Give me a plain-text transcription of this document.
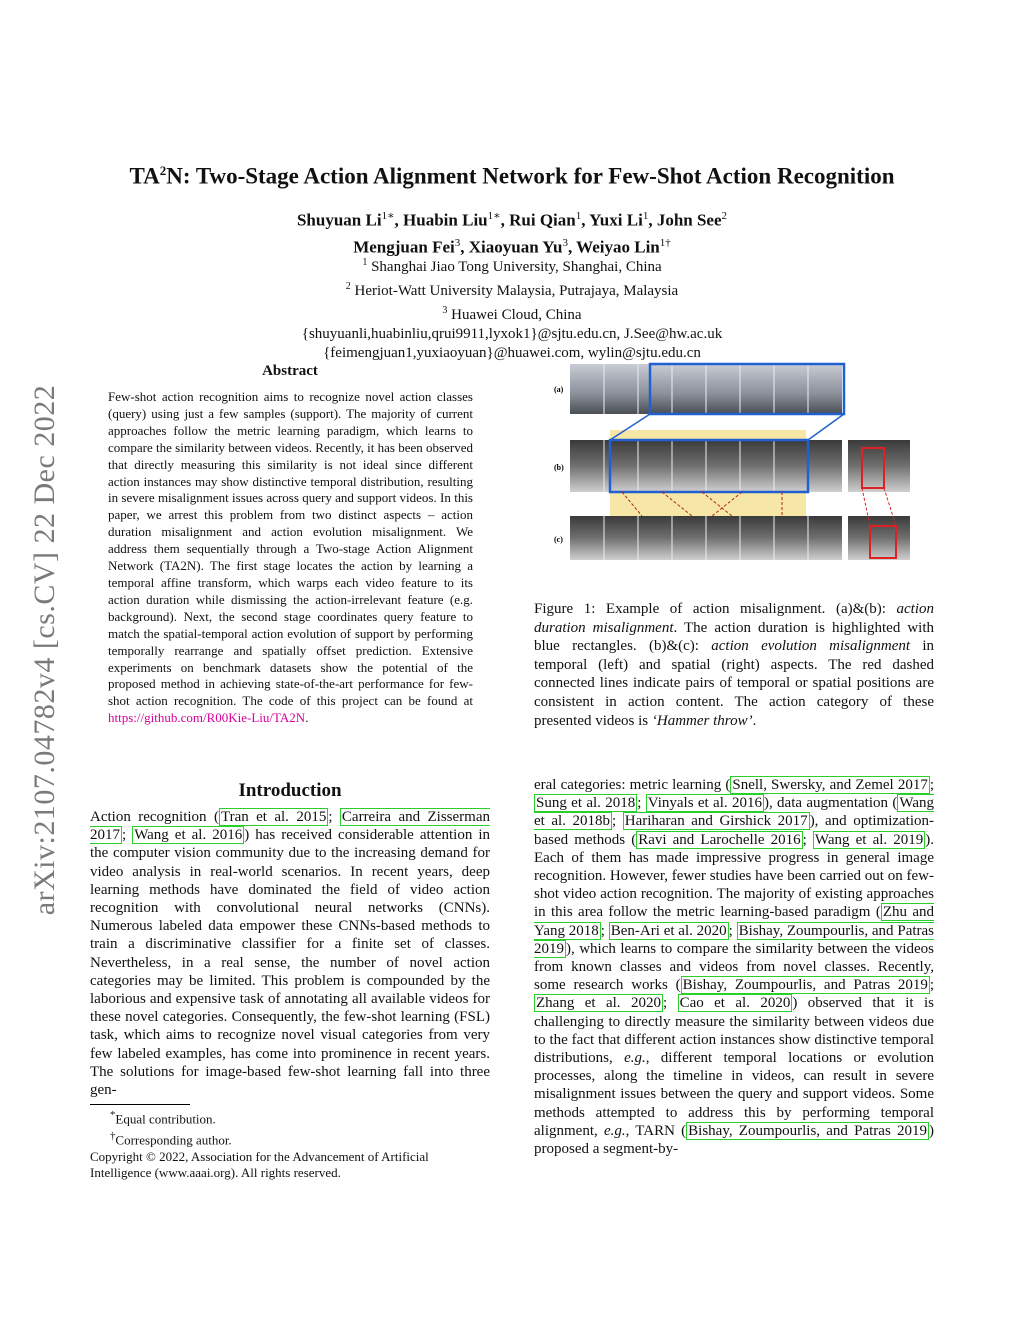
$TA^2N$: Two-Stage Action Alignment Network for Few-Shot Action Recognition
Shuyuan $Li^{1∗}$, Huabin Liu$^{1∗}$, Rui Qian$^1$, Yuxi Li$^1$, John See$^2$
Mengjuan Fei$^3$, Xiaoyuan Yu$^3$, Weiyao Lin$^{1\dagger}$
$^1$ Shanghai Jiao Tong University, Shanghai, China
$^2$ Heriot-Watt University Malaysia, Putrajaya, Malaysia
$^3$ Huawei Cloud, China
{shuyuanli,huabinliu,qrui9911,lyxok1}@sjtu.edu.cn, J.See@hw.ac.uk
{feimengjuan1,yuxiaoyuan}@huawei.com, wylin@sjtu.edu.cn
arXiv:2107.04782v4 [cs.CV] 22 Dec 2022
Abstract
Few-shot action recognition aims to recognize novel action classes (query) using just a few samples (support). The majority of current approaches follow the metric learning paradigm, which learns to compare the similarity between videos. Recently, it has been observed that directly measuring this similarity is not ideal since different action instances may show distinctive temporal distribution, resulting in severe misalignment issues across query and support videos. In this paper, we arrest this problem from two distinct aspects – action duration misalignment and action evolution misalignment. We address them sequentially through a Two-stage Action Alignment Network (TA2N). The first stage locates the action by learning a temporal affine transform, which warps each video feature to its action duration while dismissing the action-irrelevant feature (e.g. background). Next, the second stage coordinates query feature to match the spatial-temporal action evolution of support by performing temporally rearrange and spatially offset prediction. Extensive experiments on benchmark datasets show the potential of the proposed method in achieving state-of-the-art performance for few-shot action recognition. The code of this project can be found at https://github.com/R00Kie-Liu/TA2N.
(a)
(b)
(c)
Figure 1: Example of action misalignment. (a)&(b): action duration misalignment. The action duration is highlighted with blue rectangles. (b)&(c): action evolution misalignment in temporal (left) and spatial (right) aspects. The red dashed connected lines indicate pairs of temporal or spatial positions are consistent in action content. The action category of these presented videos is ‘Hammer throw’.
Introduction
Action recognition ( Tran et al. 2015 ; Carreira and Zisserman 2017 ; Wang et al. 2016 ) has received considerable attention in the computer vision community due to the increasing demand for video analysis in real-world scenarios. In recent years, deep learning methods have dominated the field of video action recognition with convolutional neural networks (CNNs). Numerous labeled data empower these CNNs-based methods to train a discriminative classifier for a finite set of classes. Nevertheless, in a real sense, the number of novel action categories may be limited. This problem is compounded by the laborious and expensive task of annotating all available videos for these novel categories. Consequently, the few-shot learning (FSL) task, which aims to recognize novel visual categories from very few labeled examples, has come into prominence in recent years. The solutions for image-based few-shot learning fall into three gen-
eral categories: metric learning ( Snell, Swersky, and Zemel 2017 ; Sung et al. 2018 ; Vinyals et al. 2016 ), data augmentation ( Wang et al. 2018b ; Hariharan and Girshick 2017 ), and optimization-based methods ( Ravi and Larochelle 2016 ; Wang et al. 2019 ). Each of them has made impressive progress in general image recognition. However, fewer studies have been carried out on few-shot video action recognition. The majority of existing approaches in this area follow the metric learning-based paradigm ( Zhu and Yang 2018 ; Ben-Ari et al. 2020 ; Bishay, Zoumpourlis, and Patras 2019 ), which learns to compare the similarity between the videos from known classes and videos from novel classes. Recently, some research works ( Bishay, Zoumpourlis, and Patras 2019 ; Zhang et al. 2020 ; Cao et al. 2020 ) observed that it is challenging to directly measure the similarity between videos due to the fact that different action instances show distinctive temporal distributions, e.g., different temporal locations or evolution processes, along the timeline in videos, can result in severe misalignment issues between the query and support videos. Some methods attempted to address this by performing temporal alignment, e.g., TARN ( Bishay, Zoumpourlis, and Patras 2019 ) proposed a segment-by-
*Equal contribution.
†Corresponding author.
Copyright © 2022, Association for the Advancement of Artificial Intelligence (www.aaai.org). All rights reserved.
